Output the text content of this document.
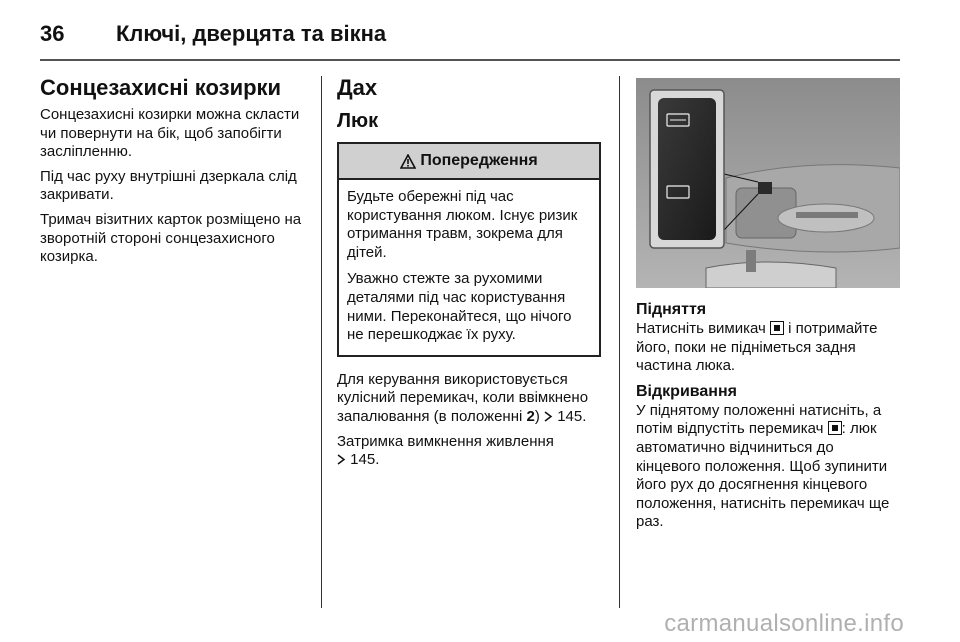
36	Ключі, дверцята та вікна
Сонцезахисні козирки

Сонцезахисні козирки можна скласти чи повернути на бік, щоб запобігти засліпленню.

Під час руху внутрішні дзеркала слід закривати.

Тримач візитних карток розміщено на зворотній стороні сонцезахисного козирка.

Дах
Люк
Попередження

Будьте обережні під час користування люком. Існує ризик отримання травм, зокрема для дітей.

Уважно стежте за рухомими деталями під час користування ними. Переконайтеся, що нічого не перешкоджає їх руху.

Для керування використовується кулісний перемикач, коли ввімкнено запалювання (в положенні 2)  145.

Затримка вимкнення живлення
145.

Підняття

Натисніть вимикач і потримайте його, поки не підніметься задня частина люка.

Відкривання

У піднятому положенні натисніть, а потім відпустіть перемикач : люк автоматично відчиниться до кінцевого положення. Щоб зупинити його рух до досягнення кінцевого положення, натисніть перемикач ще раз.

carmanualsonline.info
